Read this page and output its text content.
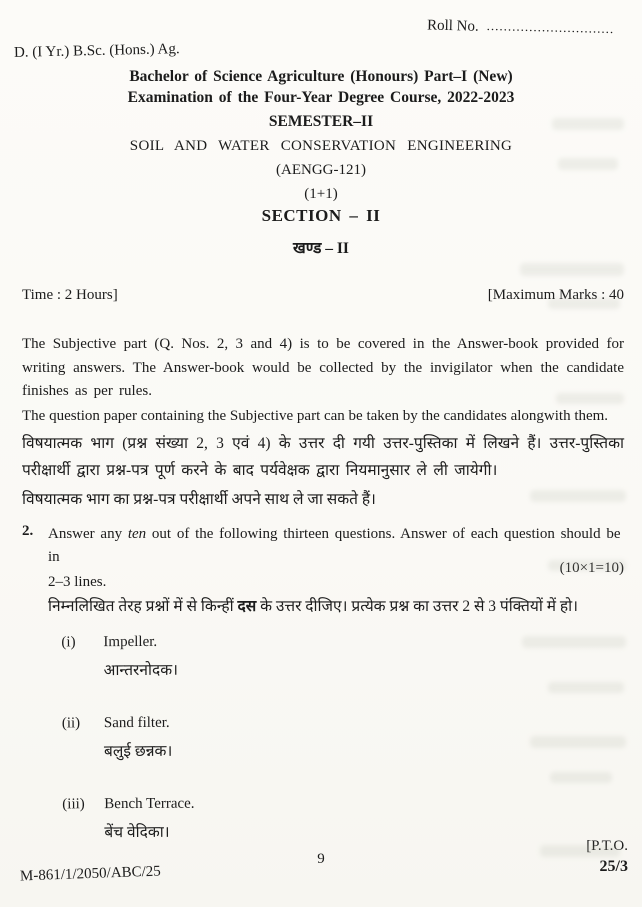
Roll No. ..............................
D. (I Yr.) B.Sc. (Hons.) Ag.
Bachelor of Science Agriculture (Honours) Part–I (New)
Examination of the Four-Year Degree Course, 2022-2023
SEMESTER–II
SOIL AND WATER CONSERVATION ENGINEERING
(AENGG-121)
(1+1)
SECTION – II
खण्ड – II
Time : 2 Hours]	[Maximum Marks : 40

The Subjective part (Q. Nos. 2, 3 and 4) is to be covered in the Answer-book provided for writing answers. The Answer-book would be collected by the invigilator when the candidate finishes as per rules.

The question paper containing the Subjective part can be taken by the candidates alongwith them.

विषयात्मक भाग (प्रश्न संख्या 2, 3 एवं 4) के उत्तर दी गयी उत्तर-पुस्तिका में लिखने हैं। उत्तर-पुस्तिका परीक्षार्थी द्वारा प्रश्न-पत्र पूर्ण करने के बाद पर्यवेक्षक द्वारा नियमानुसार ले ली जायेगी।

विषयात्मक भाग का प्रश्न-पत्र परीक्षार्थी अपने साथ ले जा सकते हैं।

2. Answer any ten out of the following thirteen questions. Answer of each question should be in
2–3 lines.
(10×1=10)
निम्नलिखित तेरह प्रश्नों में से किन्हीं दस के उत्तर दीजिए। प्रत्येक प्रश्न का उत्तर 2 से 3 पंक्तियों में हो।
(i)	Impeller.
आन्तरनोदक।
(ii)	Sand filter.
बलुई छन्नक।
(iii)	Bench Terrace.
बेंच वेदिका।
M-861/1/2050/ABC/25
9
[P.T.O.
25/3
